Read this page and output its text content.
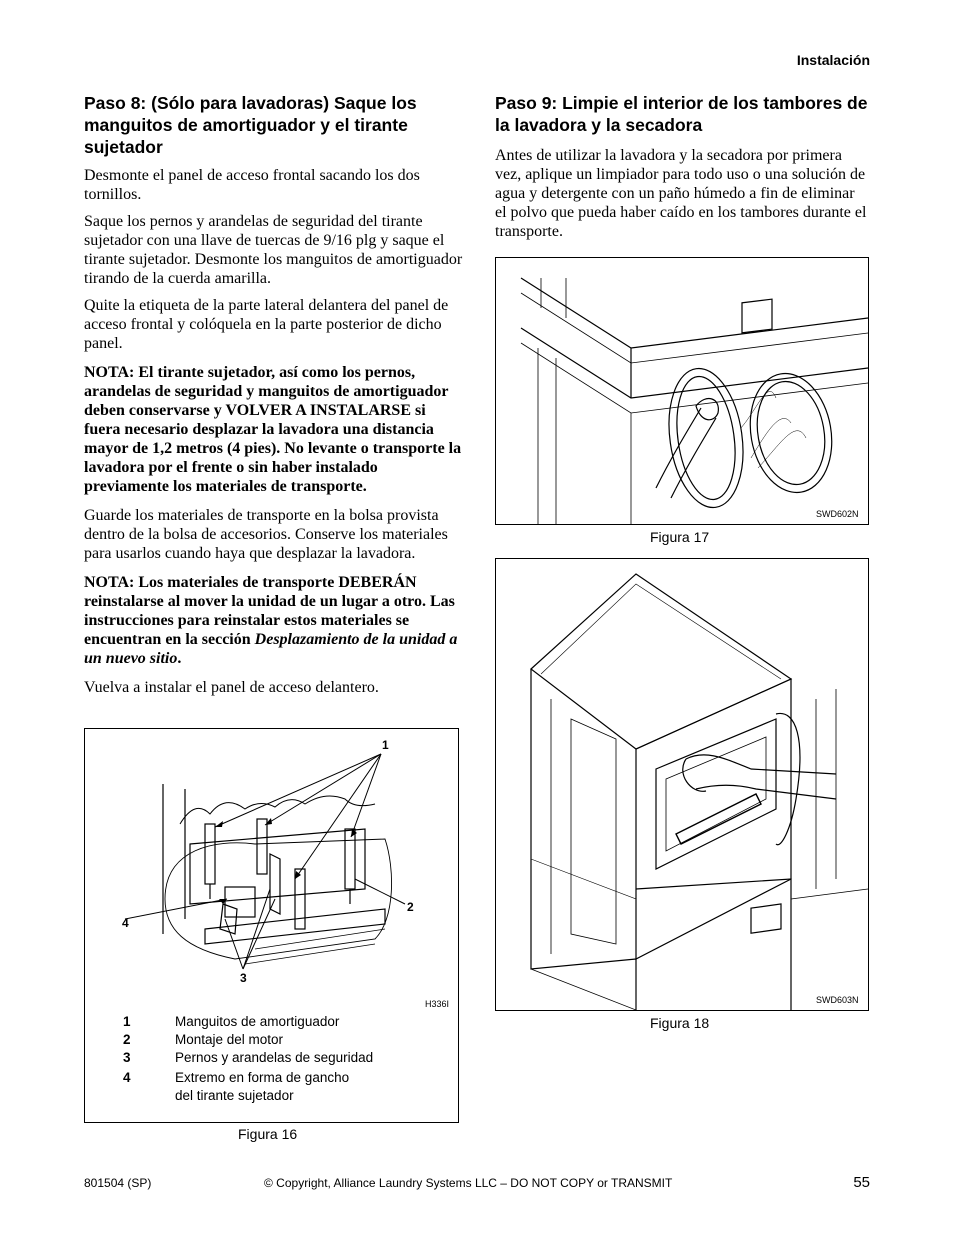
Instalación
Paso 8: (Sólo para lavadoras) Saque los manguitos de amortiguador y el tirante sujetador

Desmonte el panel de acceso frontal sacando los dos tornillos.

Saque los pernos y arandelas de seguridad del tirante sujetador con una llave de tuercas de 9/16 plg y saque el tirante sujetador. Desmonte los manguitos de amortiguador tirando de la cuerda amarilla.

Quite la etiqueta de la parte lateral delantera del panel de acceso frontal y colóquela en la parte posterior de dicho panel.

NOTA: El tirante sujetador, así como los pernos, arandelas de seguridad y manguitos de amortiguador deben conservarse y VOLVER A INSTALARSE si fuera necesario desplazar la lavadora una distancia mayor de 1,2 metros (4 pies). No levante o transporte la lavadora por el frente o sin haber instalado previamente los materiales de transporte.

Guarde los materiales de transporte en la bolsa provista dentro de la bolsa de accesorios. Conserve los materiales para usarlos cuando haya que desplazar la lavadora.

NOTA: Los materiales de transporte DEBERÁN reinstalarse al mover la unidad de un lugar a otro. Las instrucciones para reinstalar estos materiales se encuentran en la sección Desplazamiento de la unidad a un nuevo sitio.

Vuelva a instalar el panel de acceso delantero.

1
2
3
4
H336I
1	Manguitos de amortiguador
2	Montaje del motor
3	Pernos y arandelas de seguridad
4	Extremo en forma de gancho del tirante sujetador
Figura 16
Paso 9: Limpie el interior de los tambores de la lavadora y la secadora

Antes de utilizar la lavadora y la secadora por primera vez, aplique un limpiador para todo uso o una solución de agua y detergente con un paño húmedo a fin de eliminar el polvo que pueda haber caído en los tambores durante el transporte.

SWD602N
Figura 17
SWD603N
Figura 18
801504 (SP)	© Copyright, Alliance Laundry Systems LLC – DO NOT COPY or TRANSMIT	55
